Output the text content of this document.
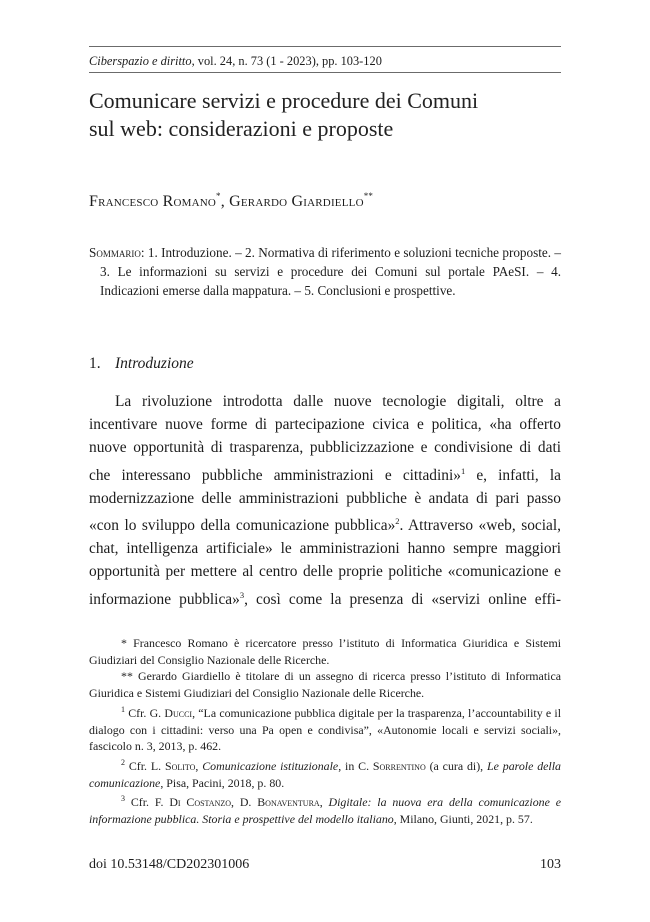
Ciberspazio e diritto, vol. 24, n. 73 (1 - 2023), pp. 103-120
Comunicare servizi e procedure dei Comuni
sul web: considerazioni e proposte
Francesco Romano*, Gerardo Giardiello**

Sommario: 1. Introduzione. – 2. Normativa di riferimento e soluzioni tecniche proposte. – 3. Le informazioni su servizi e procedure dei Comuni sul portale PAeSI. – 4. Indicazioni emerse dalla mappatura. – 5. Conclusioni e prospettive.

1. Introduzione

La rivoluzione introdotta dalle nuove tecnologie digitali, oltre a incentivare nuove forme di partecipazione civica e politica, «ha offerto nuove opportunità di trasparenza, pubblicizzazione e condivisione di dati che interessano pubbliche amministrazioni e cittadini»$^1$ e, infatti, la modernizzazione delle amministrazioni pubbliche è andata di pari passo «con lo sviluppo della comunicazione pubblica»$^2$. Attraverso «web, social, chat, intelligenza artificiale» le amministrazioni hanno sempre maggiori opportunità per mettere al centro delle proprie politiche «comunicazione e informazione pubblica»$^3$, così come la presenza di «servizi online effi-

* Francesco Romano è ricercatore presso l’istituto di Informatica Giuridica e Sistemi Giudiziari del Consiglio Nazionale delle Ricerche.

** Gerardo Giardiello è titolare di un assegno di ricerca presso l’istituto di Informatica Giuridica e Sistemi Giudiziari del Consiglio Nazionale delle Ricerche.

$^1$ Cfr. G. Ducci, “La comunicazione pubblica digitale per la trasparenza, l’accountability e il dialogo con i cittadini: verso una Pa open e condivisa”, «Autonomie locali e servizi sociali», fascicolo n. 3, 2013, p. 462.

$^2$ Cfr. L. Solito, Comunicazione istituzionale, in C. Sorrentino (a cura di), Le parole della comunicazione, Pisa, Pacini, 2018, p. 80.

$^3$ Cfr. F. Di Costanzo, D. Bonaventura, Digitale: la nuova era della comunicazione e informazione pubblica. Storia e prospettive del modello italiano, Milano, Giunti, 2021, p. 57.

doi 10.53148/CD202301006	103
